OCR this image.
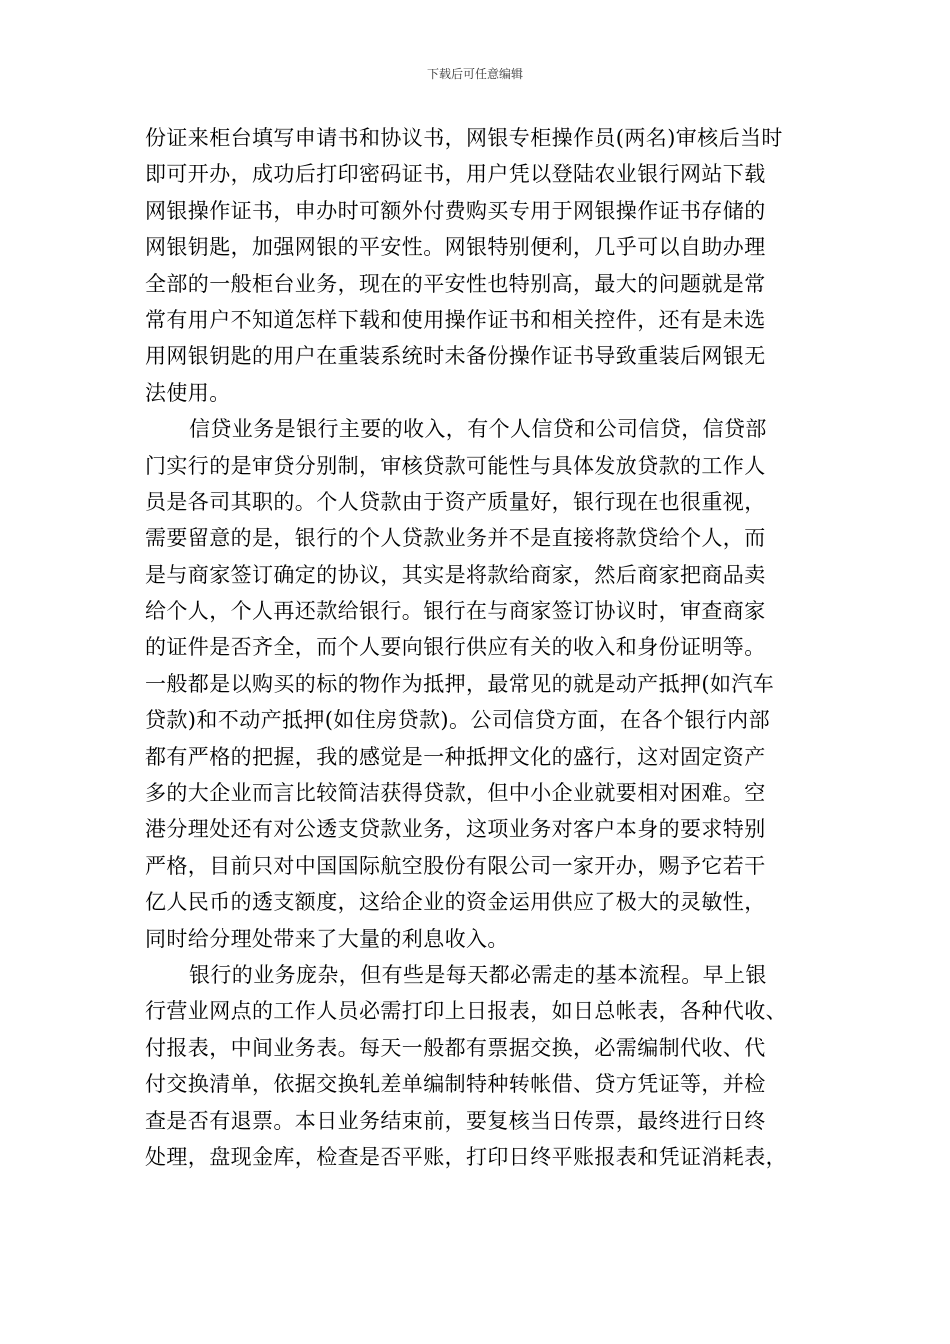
下载后可任意编辑
份证来柜台填写申请书和协议书，网银专柜操作员(两名)审核后当时
即可开办，成功后打印密码证书，用户凭以登陆农业银行网站下载
网银操作证书，申办时可额外付费购买专用于网银操作证书存储的
网银钥匙，加强网银的平安性。网银特别便利，几乎可以自助办理
全部的一般柜台业务，现在的平安性也特别高，最大的问题就是常
常有用户不知道怎样下载和使用操作证书和相关控件，还有是未选
用网银钥匙的用户在重装系统时未备份操作证书导致重装后网银无
法使用。
信贷业务是银行主要的收入，有个人信贷和公司信贷，信贷部
门实行的是审贷分别制，审核贷款可能性与具体发放贷款的工作人
员是各司其职的。个人贷款由于资产质量好，银行现在也很重视，
需要留意的是，银行的个人贷款业务并不是直接将款贷给个人，而
是与商家签订确定的协议，其实是将款给商家，然后商家把商品卖
给个人，个人再还款给银行。银行在与商家签订协议时，审查商家
的证件是否齐全，而个人要向银行供应有关的收入和身份证明等。
一般都是以购买的标的物作为抵押，最常见的就是动产抵押(如汽车
贷款)和不动产抵押(如住房贷款)。公司信贷方面，在各个银行内部
都有严格的把握，我的感觉是一种抵押文化的盛行，这对固定资产
多的大企业而言比较简洁获得贷款，但中小企业就要相对困难。空
港分理处还有对公透支贷款业务，这项业务对客户本身的要求特别
严格，目前只对中国国际航空股份有限公司一家开办，赐予它若干
亿人民币的透支额度，这给企业的资金运用供应了极大的灵敏性，
同时给分理处带来了大量的利息收入。
银行的业务庞杂，但有些是每天都必需走的基本流程。早上银
行营业网点的工作人员必需打印上日报表，如日总帐表，各种代收、
付报表，中间业务表。每天一般都有票据交换，必需编制代收、代
付交换清单，依据交换轧差单编制特种转帐借、贷方凭证等，并检
查是否有退票。本日业务结束前，要复核当日传票，最终进行日终
处理，盘现金库，检查是否平账，打印日终平账报表和凭证消耗表，
